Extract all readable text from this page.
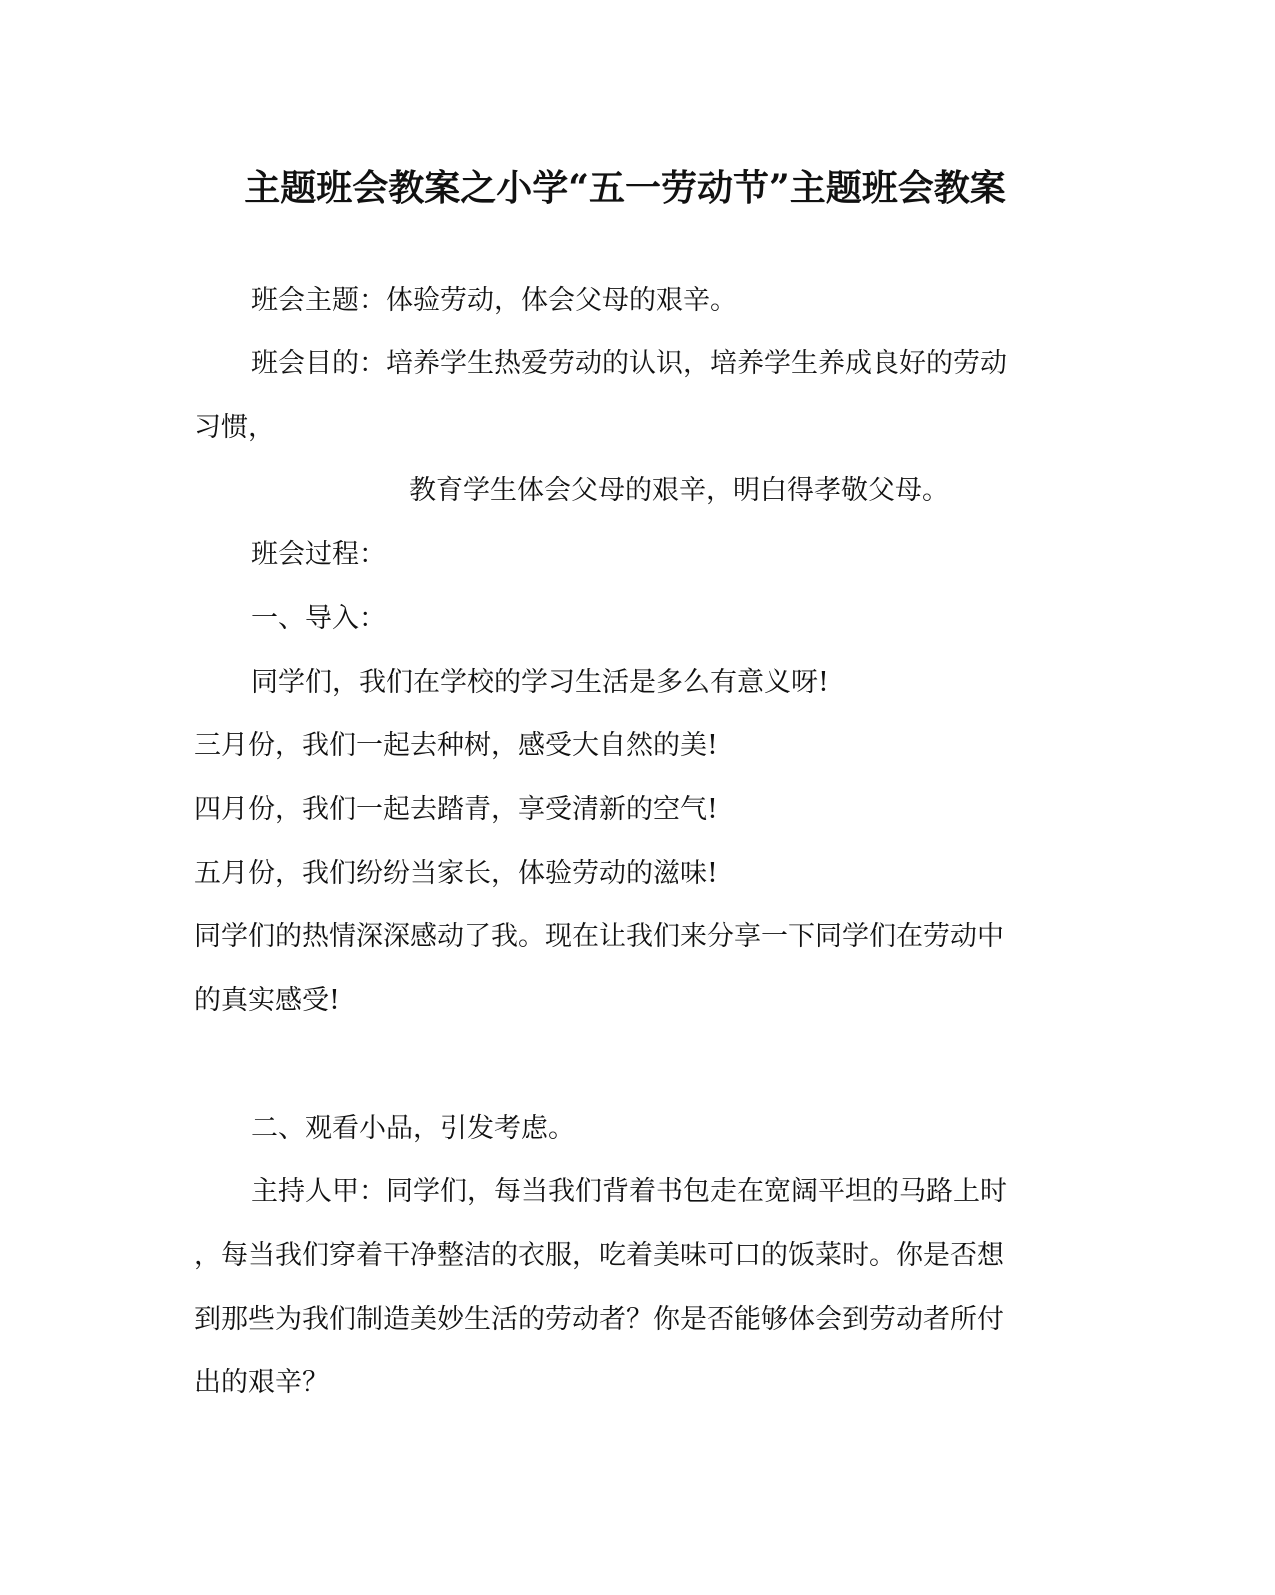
主题班会教案之小学“五一劳动节”主题班会教案
班会主题：体验劳动，体会父母的艰辛。
班会目的：培养学生热爱劳动的认识，培养学生养成良好的劳动
习惯，
教育学生体会父母的艰辛，明白得孝敬父母。
班会过程：
一、导入：
同学们，我们在学校的学习生活是多么有意义呀!
三月份，我们一起去种树，感受大自然的美!
四月份，我们一起去踏青，享受清新的空气!
五月份，我们纷纷当家长，体验劳动的滋味!
同学们的热情深深感动了我。现在让我们来分享一下同学们在劳动中
的真实感受!
二、观看小品，引发考虑。
主持人甲：同学们，每当我们背着书包走在宽阔平坦的马路上时
，每当我们穿着干净整洁的衣服，吃着美味可口的饭菜时。你是否想
到那些为我们制造美妙生活的劳动者？你是否能够体会到劳动者所付
出的艰辛？
